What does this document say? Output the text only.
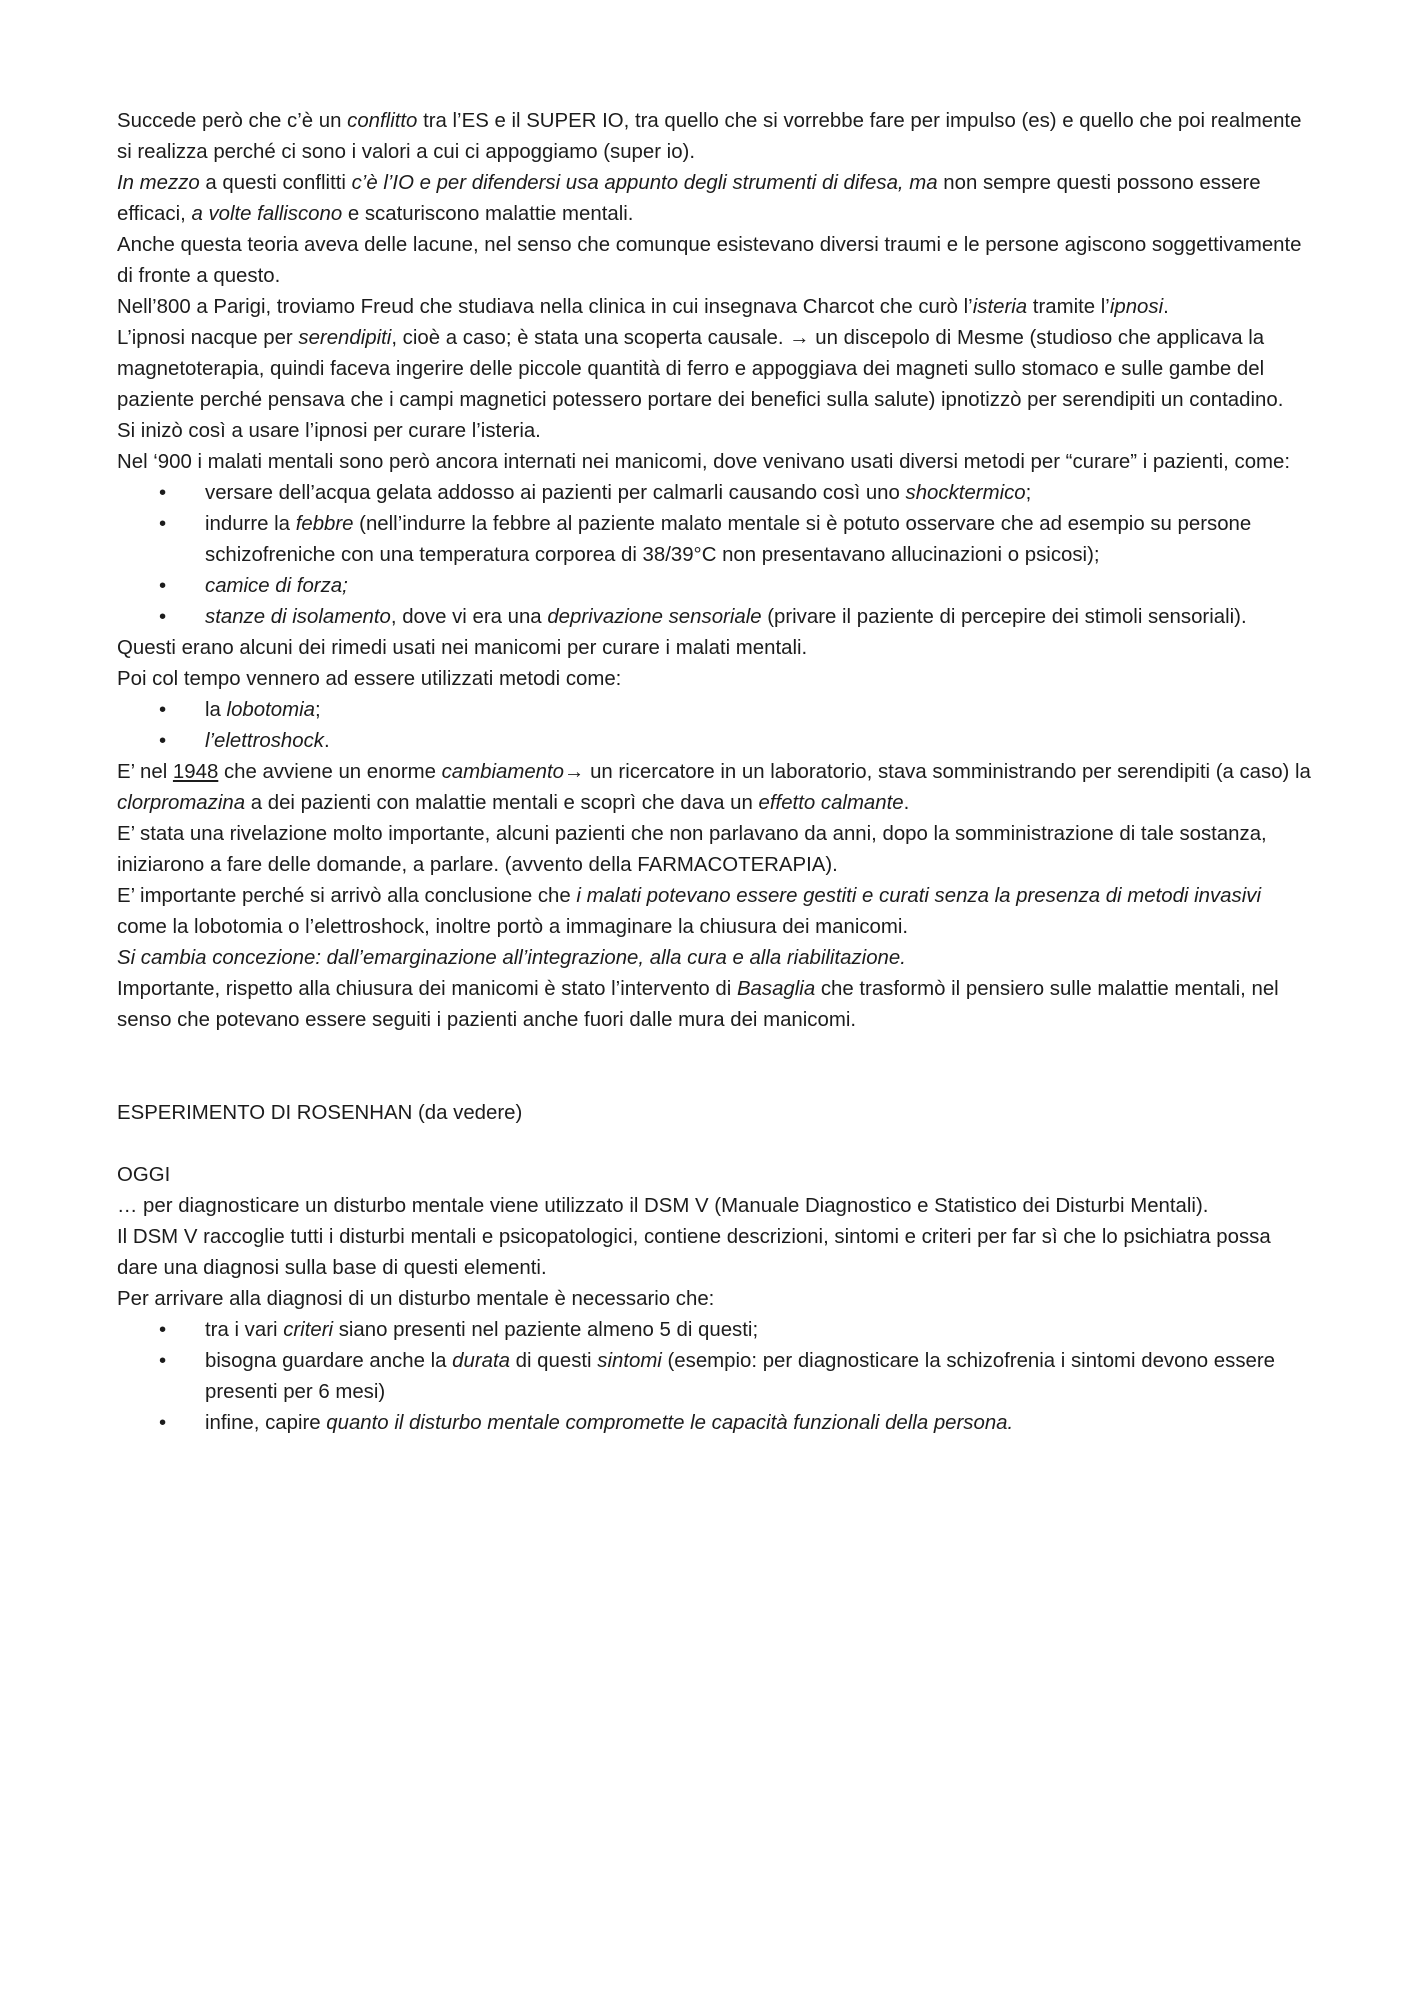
Succede però che c’è un conflitto tra l’ES e il SUPER IO, tra quello che si vorrebbe fare per impulso (es) e quello che poi realmente si realizza perché ci sono i valori a cui ci appoggiamo (super io).

In mezzo a questi conflitti c’è l’IO e per difendersi usa appunto degli strumenti di difesa, ma non sempre questi possono essere efficaci, a volte falliscono e scaturiscono malattie mentali.

Anche questa teoria aveva delle lacune, nel senso che comunque esistevano diversi traumi e le persone agiscono soggettivamente di fronte a questo.

Nell’800 a Parigi, troviamo Freud che studiava nella clinica in cui insegnava Charcot che curò l’isteria tramite l’ipnosi.

L’ipnosi nacque per serendipiti, cioè a caso; è stata una scoperta causale. → un discepolo di Mesme (studioso che applicava la magnetoterapia, quindi faceva ingerire delle piccole quantità di ferro e appoggiava dei magneti sullo stomaco e sulle gambe del paziente perché pensava che i campi magnetici potessero portare dei benefici sulla salute) ipnotizzò per serendipiti un contadino.

Si inizò così a usare l’ipnosi per curare l’isteria.

Nel ‘900 i malati mentali sono però ancora internati nei manicomi, dove venivano usati diversi metodi per “curare” i pazienti, come:

• versare dell’acqua gelata addosso ai pazienti per calmarli causando così uno shocktermico;
• indurre la febbre (nell’indurre la febbre al paziente malato mentale si è potuto osservare che ad esempio su persone schizofreniche con una temperatura corporea di 38/39°C non presentavano allucinazioni o psicosi);
• camice di forza;
• stanze di isolamento, dove vi era una deprivazione sensoriale (privare il paziente di percepire dei stimoli sensoriali).

Questi erano alcuni dei rimedi usati nei manicomi per curare i malati mentali.

Poi col tempo vennero ad essere utilizzati metodi come:

• la lobotomia;
• l’elettroshock.

E’ nel 1948 che avviene un enorme cambiamento→ un ricercatore in un laboratorio, stava somministrando per serendipiti (a caso) la clorpromazina a dei pazienti con malattie mentali e scoprì che dava un effetto calmante.

E’ stata una rivelazione molto importante, alcuni pazienti che non parlavano da anni, dopo la somministrazione di tale sostanza, iniziarono a fare delle domande, a parlare. (avvento della FARMACOTERAPIA).

E’ importante perché si arrivò alla conclusione che i malati potevano essere gestiti e curati senza la presenza di metodi invasivi come la lobotomia o l’elettroshock, inoltre portò a immaginare la chiusura dei manicomi.

Si cambia concezione: dall’emarginazione all’integrazione, alla cura e alla riabilitazione.

Importante, rispetto alla chiusura dei manicomi è stato l’intervento di Basaglia che trasformò il pensiero sulle malattie mentali, nel senso che potevano essere seguiti i pazienti anche fuori dalle mura dei manicomi.

ESPERIMENTO DI ROSENHAN (da vedere)

OGGI

… per diagnosticare un disturbo mentale viene utilizzato il DSM V (Manuale Diagnostico e Statistico dei Disturbi Mentali).

Il DSM V raccoglie tutti i disturbi mentali e psicopatologici, contiene descrizioni, sintomi e criteri per far sì che lo psichiatra possa dare una diagnosi sulla base di questi elementi.

Per arrivare alla diagnosi di un disturbo mentale è necessario che:

• tra i vari criteri siano presenti nel paziente almeno 5 di questi;
• bisogna guardare anche la durata di questi sintomi (esempio: per diagnosticare la schizofrenia i sintomi devono essere presenti per 6 mesi)
• infine, capire quanto il disturbo mentale compromette le capacità funzionali della persona.
